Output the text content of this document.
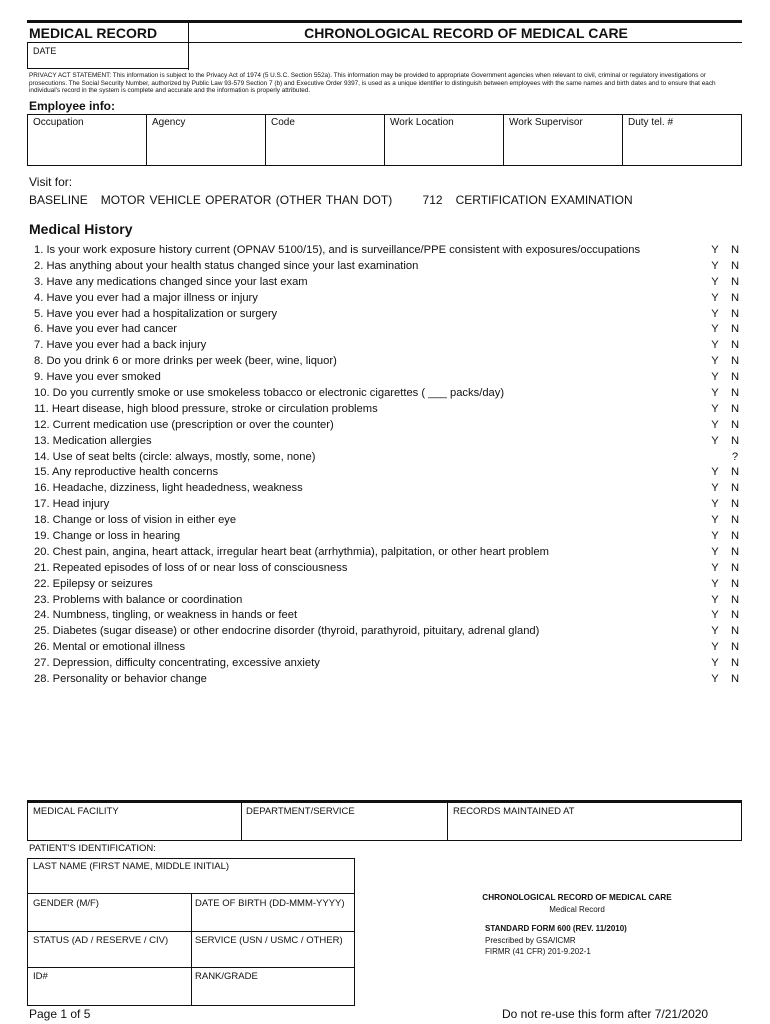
MEDICAL RECORD	CHRONOLOGICAL RECORD OF MEDICAL CARE
DATE
PRIVACY ACT STATEMENT: This information is subject to the Privacy Act of 1974 (5 U.S.C. Section 552a). This information may be provided to appropriate Government agencies when relevant to civil, criminal or regulatory investigations or prosecutions. The Social Security Number, authorized by Public Law 93-579 Section 7 (b) and Executive Order 9397, is used as a unique identifier to distinguish between employees with the same names and birth dates and to ensure that each individual's record in the system is complete and accurate and the information is properly attributed.
Employee info:
Occupation	Agency	Code	Work Location	Work Supervisor	Duty tel. #
Visit for:
BASELINE MOTOR VEHICLE OPERATOR (OTHER THAN DOT)	712 CERTIFICATION EXAMINATION
Medical History
1. Is your work exposure history current (OPNAV 5100/15), and is surveillance/PPE consistent with exposures/occupations	Y N
2. Has anything about your health status changed since your last examination	Y N
3. Have any medications changed since your last exam	Y N
4. Have you ever had a major illness or injury	Y N
5. Have you ever had a hospitalization or surgery	Y N
6. Have you ever had cancer	Y N
7. Have you ever had a back injury	Y N
8. Do you drink 6 or more drinks per week (beer, wine, liquor)	Y N
9. Have you ever smoked	Y N
10. Do you currently smoke or use smokeless tobacco or electronic cigarettes ( ___ packs/day)	Y N
11. Heart disease, high blood pressure, stroke or circulation problems	Y N
12. Current medication use (prescription or over the counter)	Y N
13. Medication allergies	Y N
14. Use of seat belts (circle: always, mostly, some, none)	?
15. Any reproductive health concerns	Y N
16. Headache, dizziness, light headedness, weakness	Y N
17. Head injury	Y N
18. Change or loss of vision in either eye	Y N
19. Change or loss in hearing	Y N
20. Chest pain, angina, heart attack, irregular heart beat (arrhythmia), palpitation, or other heart problem	Y N
21. Repeated episodes of loss of or near loss of consciousness	Y N
22. Epilepsy or seizures	Y N
23. Problems with balance or coordination	Y N
24. Numbness, tingling, or weakness in hands or feet	Y N
25. Diabetes (sugar disease) or other endocrine disorder (thyroid, parathyroid, pituitary, adrenal gland)	Y N
26. Mental or emotional illness	Y N
27. Depression, difficulty concentrating, excessive anxiety	Y N
28. Personality or behavior change	Y N
MEDICAL FACILITY	DEPARTMENT/SERVICE	RECORDS MAINTAINED AT
PATIENT'S IDENTIFICATION:
LAST NAME (FIRST NAME, MIDDLE INITIAL)
GENDER (M/F)	DATE OF BIRTH (DD-MMM-YYYY)
STATUS (AD / RESERVE / CIV)	SERVICE (USN / USMC / OTHER)
ID#	RANK/GRADE
CHRONOLOGICAL RECORD OF MEDICAL CARE
Medical Record
STANDARD FORM 600 (REV. 11/2010)
Prescribed by GSA/ICMR
FIRMR (41 CFR) 201-9.202-1
Page 1 of 5	Do not re-use this form after 7/21/2020
